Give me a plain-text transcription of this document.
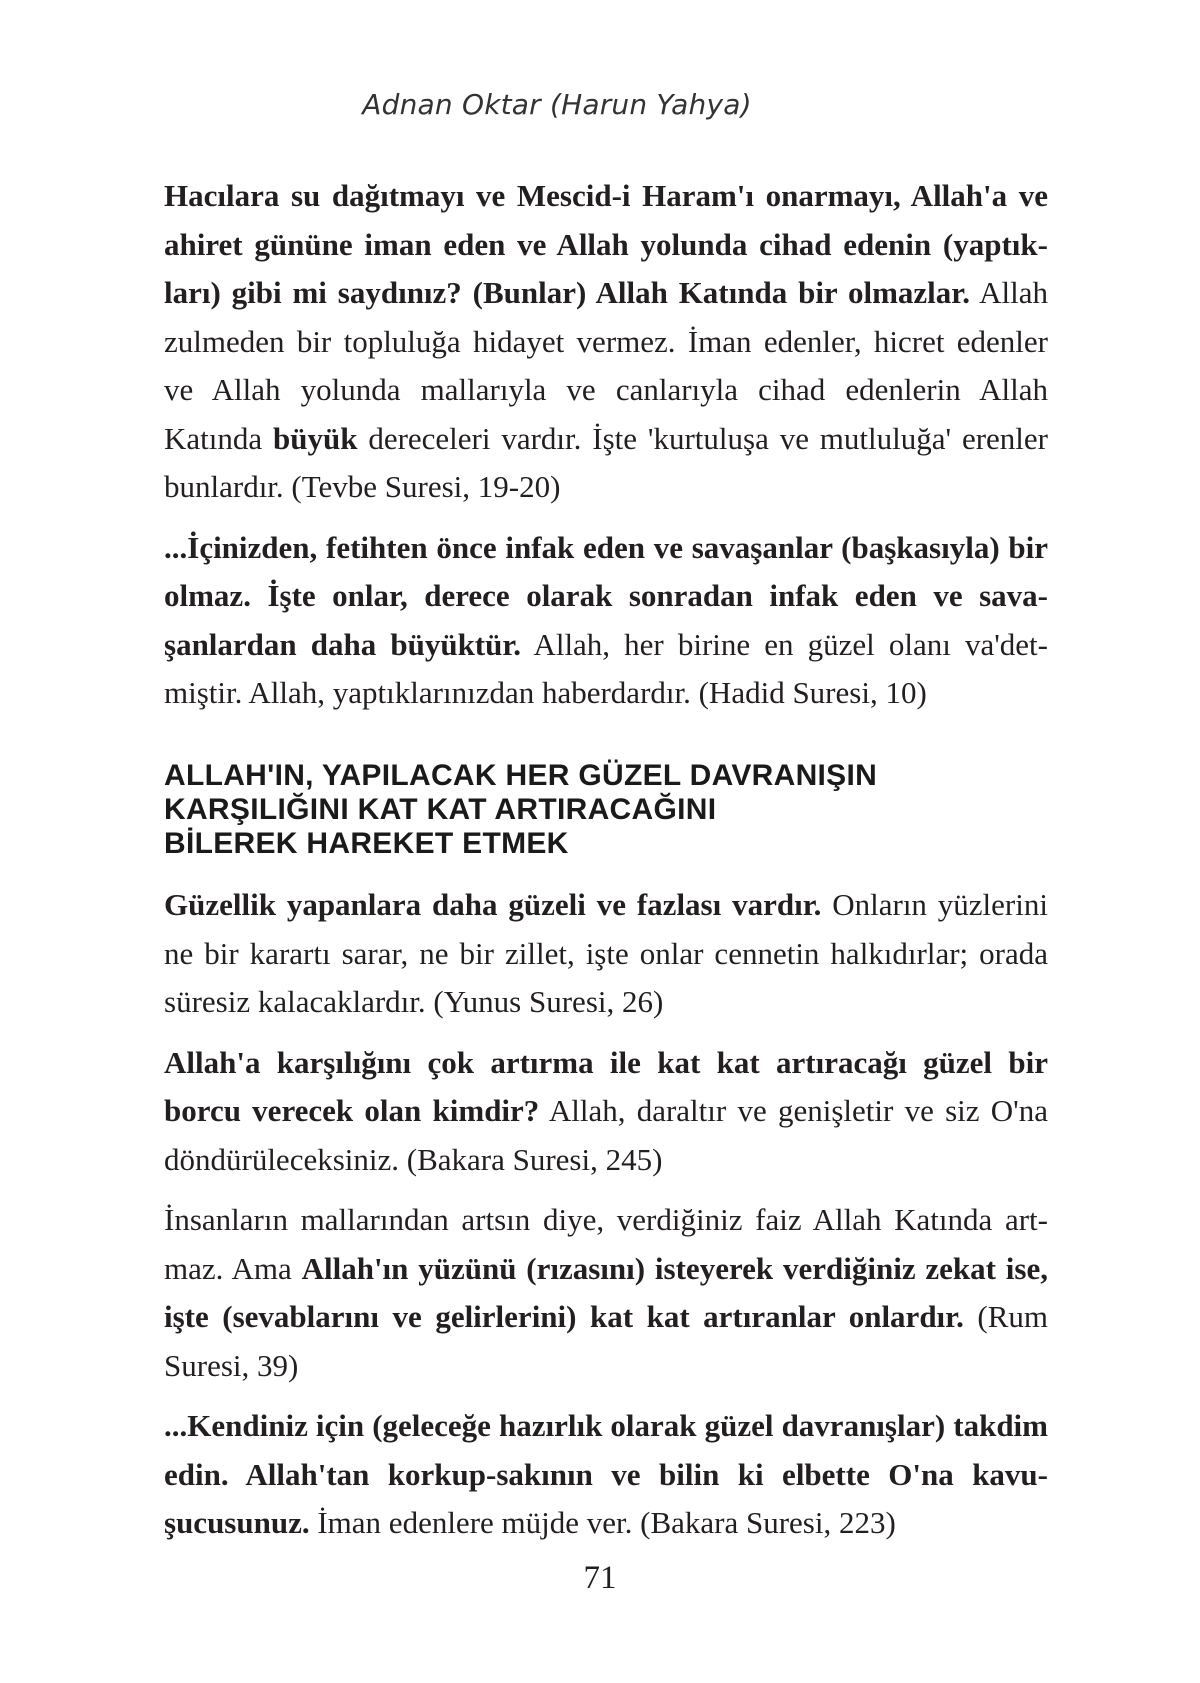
Adnan Oktar (Harun Yahya)

Hacılara su dağıtmayı ve Mescid-i Haram'ı onarmayı, Allah'a ve ahiret gününe iman eden ve Allah yolunda cihad edenin (yaptıkları) gibi mi saydınız? (Bunlar) Allah Katında bir olmazlar. Allah zulmeden bir topluluğa hidayet vermez. İman edenler, hicret edenler ve Allah yolunda mallarıyla ve canlarıyla cihad edenlerin Allah Katında büyük dereceleri vardır. İşte 'kurtuluşa ve mutluluğa' erenler bunlardır. (Tevbe Suresi, 19-20)

...İçinizden, fetihten önce infak eden ve savaşanlar (başkasıyla) bir olmaz. İşte onlar, derece olarak sonradan infak eden ve savaşanlardan daha büyüktür. Allah, her birine en güzel olanı va'detmiştir. Allah, yaptıklarınızdan haberdardır. (Hadid Suresi, 10)

ALLAH'IN, YAPILACAK HER GÜZEL DAVRANIŞIN
KARŞILIĞINI KAT KAT ARTIRACAĞINI
BİLEREK HAREKET ETMEK

Güzellik yapanlara daha güzeli ve fazlası vardır. Onların yüzlerini ne bir karartı sarar, ne bir zillet, işte onlar cennetin halkıdırlar; orada süresiz kalacaklardır. (Yunus Suresi, 26)

Allah'a karşılığını çok artırma ile kat kat artıracağı güzel bir borcu verecek olan kimdir? Allah, daraltır ve genişletir ve siz O'na döndürüleceksiniz. (Bakara Suresi, 245)

İnsanların mallarından artsın diye, verdiğiniz faiz Allah Katında artmaz. Ama Allah'ın yüzünü (rızasını) isteyerek verdiğiniz zekat ise, işte (sevablarını ve gelirlerini) kat kat artıranlar onlardır. (Rum Suresi, 39)

...Kendiniz için (geleceğe hazırlık olarak güzel davranışlar) takdim edin. Allah'tan korkup-sakının ve bilin ki elbette O'na kavuşucusunuz. İman edenlere müjde ver. (Bakara Suresi, 223)

71
